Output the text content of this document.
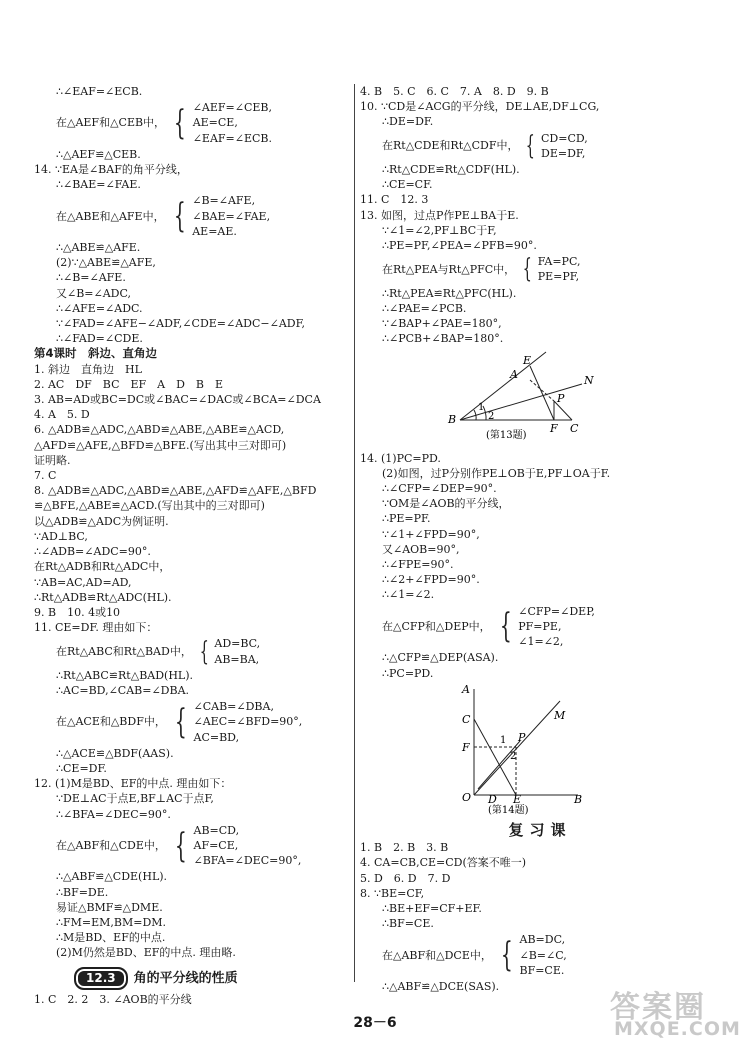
∴∠EAF=∠ECB.
在△AEF和△CEB中， { ∠AEF=∠CEB,
AE=CE,
∠EAF=∠ECB.
∴△AEF≌△CEB.
14. ∵EA是∠BAF的角平分线，
∴∠BAE=∠FAE.
在△ABE和△AFE中， { ∠B=∠AFE,
∠BAE=∠FAE,
AE=AE.
∴△ABE≌△AFE.
(2)∵△ABE≌△AFE,
∴∠B=∠AFE.
又∠B=∠ADC,
∴∠AFE=∠ADC.
∵∠FAD=∠AFE−∠ADF,∠CDE=∠ADC−∠ADF,
∴∠FAD=∠CDE.
第4课时　斜边、直角边
1. 斜边　直角边　HL
2. AC　DF　BC　EF　A　D　B　E
3. AB=AD或BC=DC或∠BAC=∠DAC或∠BCA=∠DCA
4. A　5. D
6. △ADB≌△ADC,△ABD≌△ABE,△ABE≌△ACD,
△AFD≌△AFE,△BFD≌△BFE.(写出其中三对即可)
证明略.
7. C
8. △ADB≌△ADC,△ABD≌△ABE,△AFD≌△AFE,△BFD
≌△BFE,△ABE≌△ACD.(写出其中的三对即可)
以△ADB≌△ADC为例证明.
∵AD⊥BC,
∴∠ADB=∠ADC=90°.
在Rt△ADB和Rt△ADC中，
∵AB=AC,AD=AD,
∴Rt△ADB≌Rt△ADC(HL).
9. B　10. 4或10
11. CE=DF. 理由如下：
在Rt△ABC和Rt△BAD中， { AD=BC,
AB=BA,
∴Rt△ABC≌Rt△BAD(HL).
∴AC=BD,∠CAB=∠DBA.
在△ACE和△BDF中， { ∠CAB=∠DBA,
∠AEC=∠BFD=90°,
AC=BD,
∴△ACE≌△BDF(AAS).
∴CE=DF.
12. (1)M是BD、EF的中点. 理由如下：
∵DE⊥AC于点E,BF⊥AC于点F,
∴∠BFA=∠DEC=90°.
在△ABF和△CDE中， { AB=CD,
AF=CE,
∠BFA=∠DEC=90°,
∴△ABF≌△CDE(HL).
∴BF=DE.
易证△BMF≌△DME.
∴FM=EM,BM=DM.
∴M是BD、EF的中点.
(2)M仍然是BD、EF的中点. 理由略.
12.3	角的平分线的性质
1. C　2. 2　3. ∠AOB的平分线
4. B　5. C　6. C　7. A　8. D　9. B
10. ∵CD是∠ACG的平分线，DE⊥AE,DF⊥CG,
∴DE=DF.
在Rt△CDE和Rt△CDF中， { CD=CD,
DE=DF,
∴Rt△CDE≌Rt△CDF(HL).
∴CE=CF.
11. C　12. 3
13. 如图，过点P作PE⊥BA于E.
∵∠1=∠2,PF⊥BC于F,
∴PE=PF,∠PEA=∠PFB=90°.
在Rt△PEA与Rt△PFC中， { FA=PC,
PE=PF,
∴Rt△PEA≌Rt△PFC(HL).
∴∠PAE=∠PCB.
∵∠BAP+∠PAE=180°,
∴∠PCB+∠BAP=180°.
B
E
A
P
N
F C
1
2
(第13题)
14. (1)PC=PD.
(2)如图，过P分别作PE⊥OB于E,PF⊥OA于F.
∴∠CFP=∠DEP=90°.
∵OM是∠AOB的平分线，
∴PE=PF.
∵∠1+∠FPD=90°,
又∠AOB=90°,
∴∠FPE=90°.
∴∠2+∠FPD=90°.
∴∠1=∠2.
在△CFP和△DEP中， { ∠CFP=∠DEP,
PF=PE,
∠1=∠2,
∴△CFP≌△DEP(ASA).
∴PC=PD.
A
C
F
O
P
M
D E	B
1
2
(第14题)
复习课
1. B　2. B　3. B
4. CA=CB,CE=CD(答案不唯一)
5. D　6. D　7. D
8. ∵BE=CF,
∴BE+EF=CF+EF.
∴BF=CE.
在△ABF和△DCE中， { AB=DC,
∠B=∠C,
BF=CE.
∴△ABF≌△DCE(SAS).
28－6	答案圈
MXQE.COM
